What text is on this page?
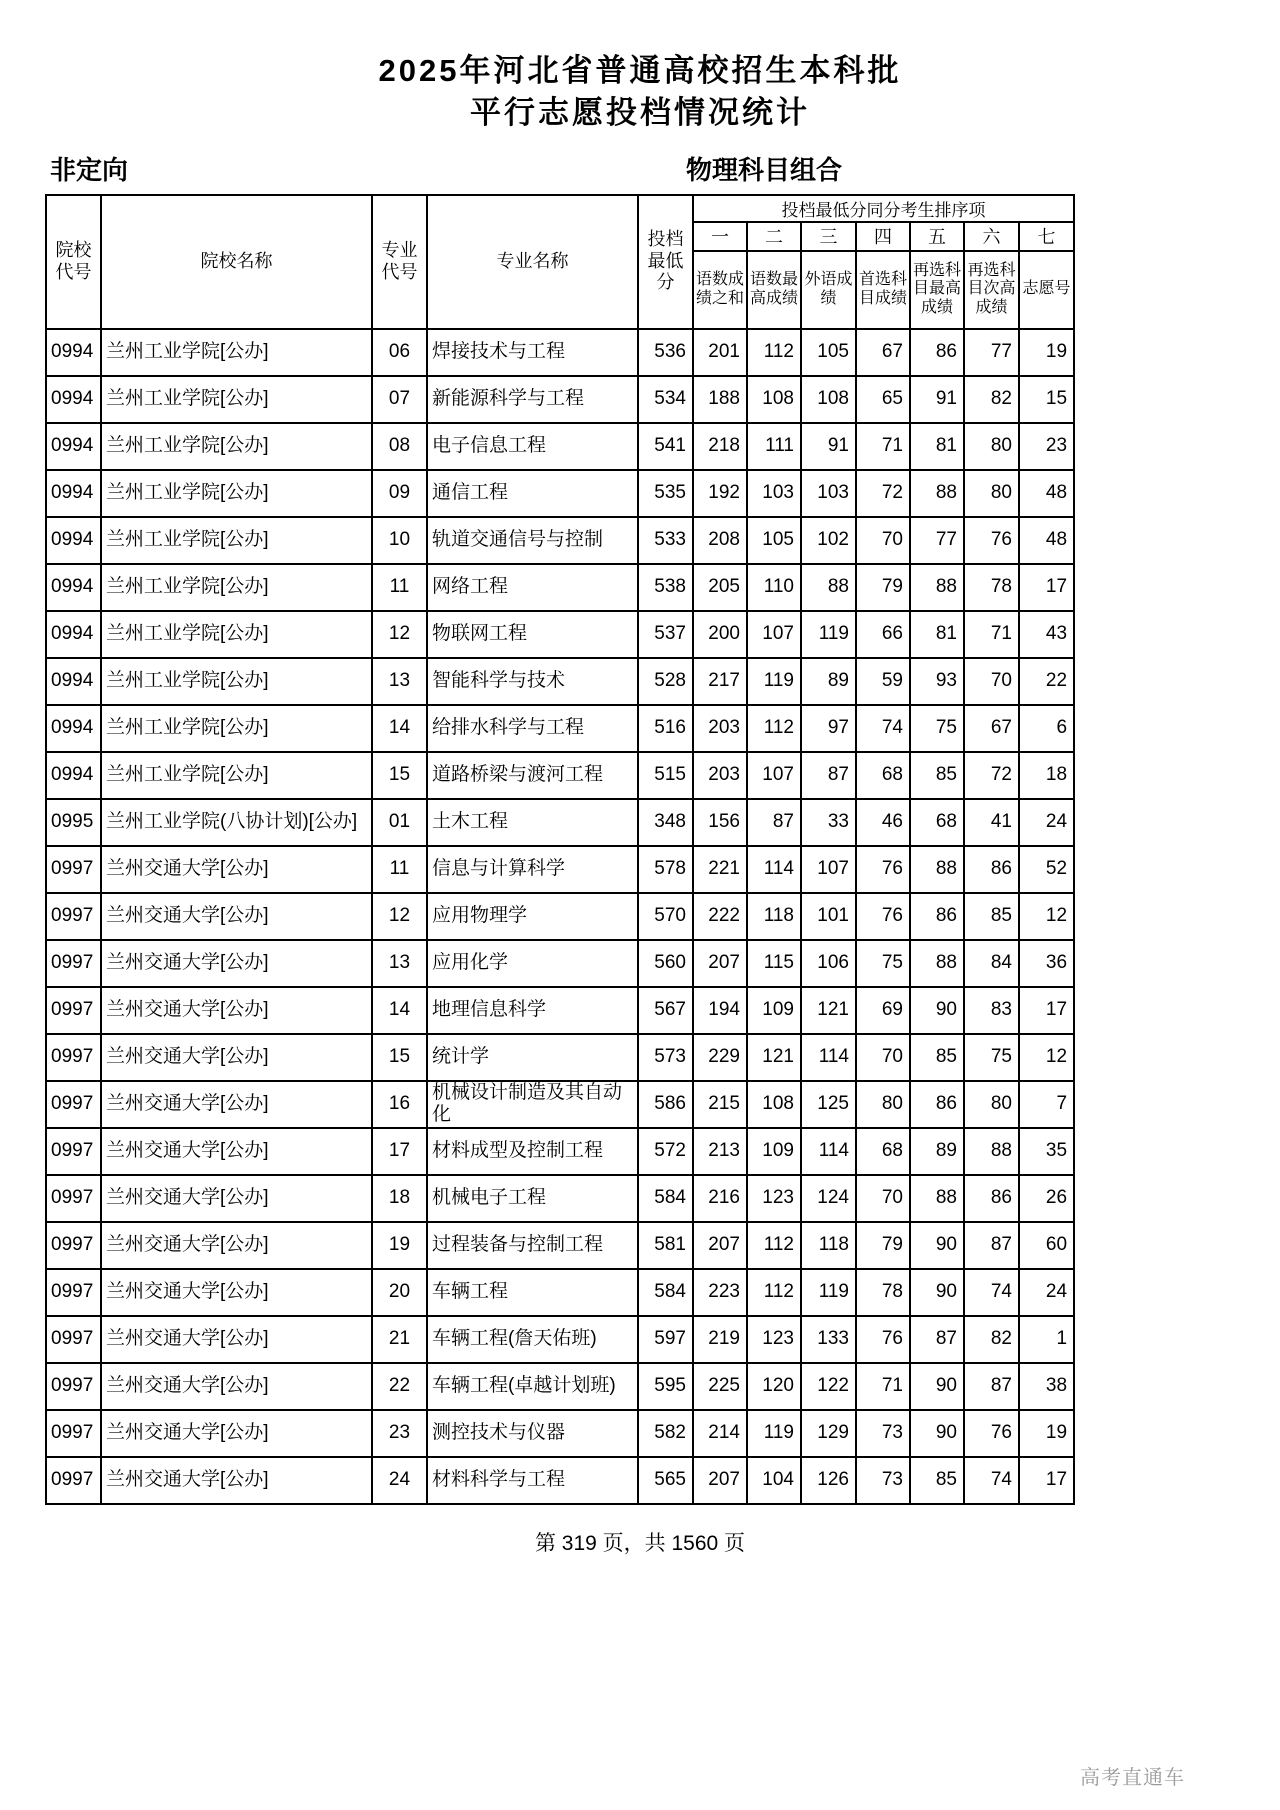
2025年河北省普通高校招生本科批
平行志愿投档情况统计
非定向	物理科目组合
院校代号	院校名称	专业代号	专业名称	投档最低分	投档最低分同分考生排序项						
					一	二	三	四	五	六	七
					语数成绩之和	语数最高成绩	外语成绩	首选科目成绩	再选科目最高成绩	再选科目次高成绩	志愿号
0994	兰州工业学院[公办]	06	焊接技术与工程	536	201	112	105	67	86	77	19
0994	兰州工业学院[公办]	07	新能源科学与工程	534	188	108	108	65	91	82	15
0994	兰州工业学院[公办]	08	电子信息工程	541	218	111	91	71	81	80	23
0994	兰州工业学院[公办]	09	通信工程	535	192	103	103	72	88	80	48
0994	兰州工业学院[公办]	10	轨道交通信号与控制	533	208	105	102	70	77	76	48
0994	兰州工业学院[公办]	11	网络工程	538	205	110	88	79	88	78	17
0994	兰州工业学院[公办]	12	物联网工程	537	200	107	119	66	81	71	43
0994	兰州工业学院[公办]	13	智能科学与技术	528	217	119	89	59	93	70	22
0994	兰州工业学院[公办]	14	给排水科学与工程	516	203	112	97	74	75	67	6
0994	兰州工业学院[公办]	15	道路桥梁与渡河工程	515	203	107	87	68	85	72	18
0995	兰州工业学院(八协计划)[公办]	01	土木工程	348	156	87	33	46	68	41	24
0997	兰州交通大学[公办]	11	信息与计算科学	578	221	114	107	76	88	86	52
0997	兰州交通大学[公办]	12	应用物理学	570	222	118	101	76	86	85	12
0997	兰州交通大学[公办]	13	应用化学	560	207	115	106	75	88	84	36
0997	兰州交通大学[公办]	14	地理信息科学	567	194	109	121	69	90	83	17
0997	兰州交通大学[公办]	15	统计学	573	229	121	114	70	85	75	12
0997	兰州交通大学[公办]	16	机械设计制造及其自动化	586	215	108	125	80	86	80	7
0997	兰州交通大学[公办]	17	材料成型及控制工程	572	213	109	114	68	89	88	35
0997	兰州交通大学[公办]	18	机械电子工程	584	216	123	124	70	88	86	26
0997	兰州交通大学[公办]	19	过程装备与控制工程	581	207	112	118	79	90	87	60
0997	兰州交通大学[公办]	20	车辆工程	584	223	112	119	78	90	74	24
0997	兰州交通大学[公办]	21	车辆工程(詹天佑班)	597	219	123	133	76	87	82	1
0997	兰州交通大学[公办]	22	车辆工程(卓越计划班)	595	225	120	122	71	90	87	38
0997	兰州交通大学[公办]	23	测控技术与仪器	582	214	119	129	73	90	76	19
0997	兰州交通大学[公办]	24	材料科学与工程	565	207	104	126	73	85	74	17
第 319 页，共 1560 页
高考直通车
